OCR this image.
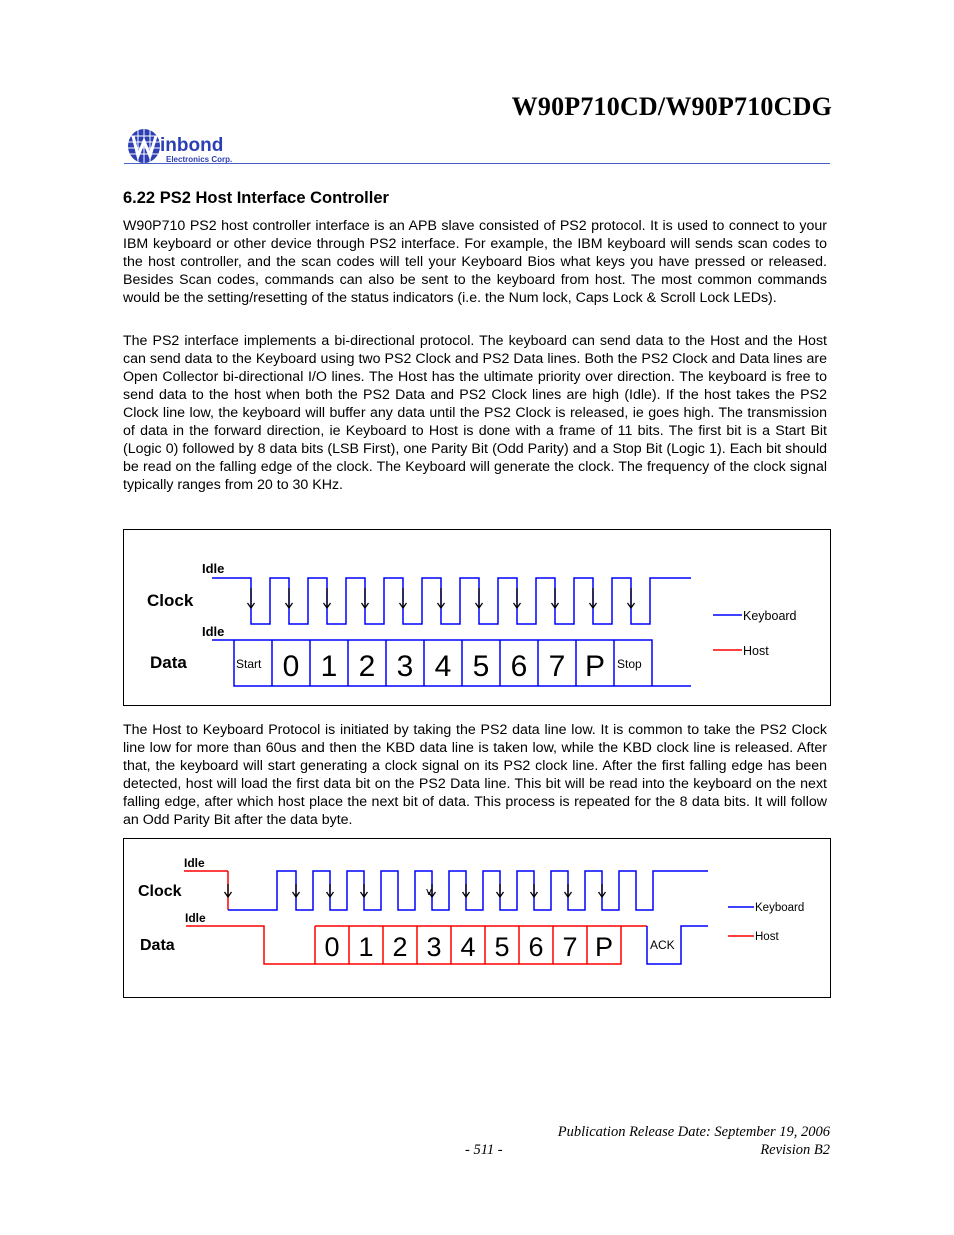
W90P710CD/W90P710CDG
inbond
Electronics Corp.
6.22 PS2 Host Interface Controller

W90P710 PS2 host controller interface is an APB slave consisted of PS2 protocol. It is used to connect to your IBM keyboard or other device through PS2 interface. For example, the IBM keyboard will sends scan codes to the host controller, and the scan codes will tell your Keyboard Bios what keys you have pressed or released. Besides Scan codes, commands can also be sent to the keyboard from host. The most common commands would be the setting/resetting of the status indicators (i.e. the Num lock, Caps Lock & Scroll Lock LEDs).

The PS2 interface implements a bi-directional protocol. The keyboard can send data to the Host and the Host can send data to the Keyboard using two PS2 Clock and PS2 Data lines. Both the PS2 Clock and Data lines are Open Collector bi-directional I/O lines. The Host has the ultimate priority over direction. The keyboard is free to send data to the host when both the PS2 Data and PS2 Clock lines are high (Idle). If the host takes the PS2 Clock line low, the keyboard will buffer any data until the PS2 Clock is released, ie goes high. The transmission of data in the forward direction, ie Keyboard to Host is done with a frame of 11 bits. The first bit is a Start Bit (Logic 0) followed by 8 data bits (LSB First), one Parity Bit (Odd Parity) and a Stop Bit (Logic 1). Each bit should be read on the falling edge of the clock. The Keyboard will generate the clock. The frequency of the clock signal typically ranges from 20 to 30 KHz.

Idle
Clock
Idle
Data	Start 0 1 2 3 4 5 6 7 P Stop
Keyboard
Host

The Host to Keyboard Protocol is initiated by taking the PS2 data line low. It is common to take the PS2 Clock line low for more than 60us and then the KBD data line is taken low, while the KBD clock line is released. After that, the keyboard will start generating a clock signal on its PS2 clock line. After the first falling edge has been detected, host will load the first data bit on the PS2 Data line. This bit will be read into the keyboard on the next falling edge, after which host place the next bit of data. This process is repeated for the 8 data bits. It will follow an Odd Parity Bit after the data byte.

Idle
Clock
Idle
Data
v
0 1 2 3 4 5 6 7 P	ACK
Keyboard
Host
Publication Release Date: September 19, 2006
- 511 -	Revision B2
